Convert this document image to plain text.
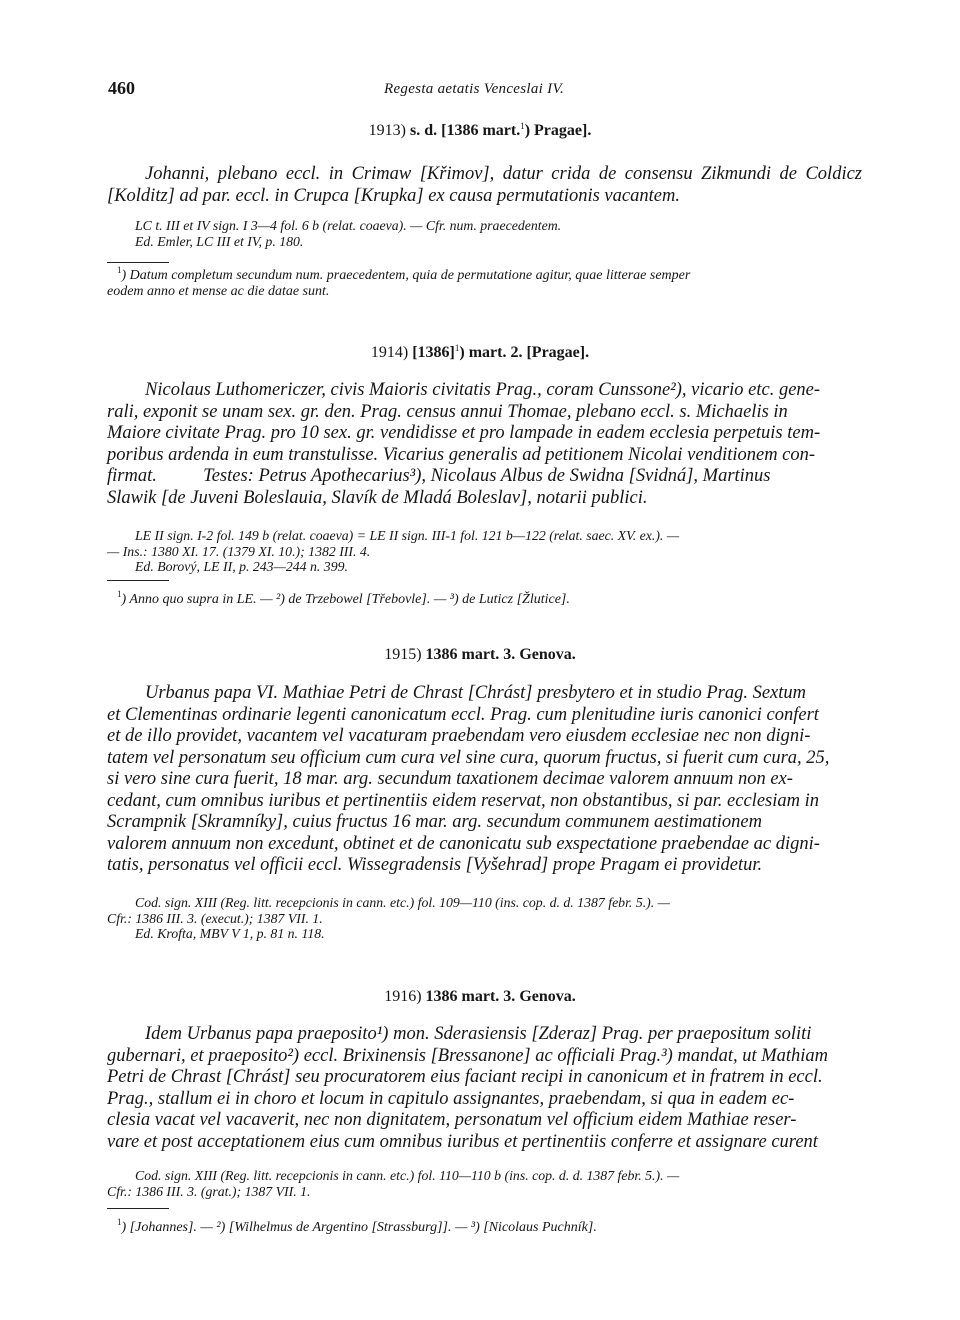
460	Regesta aetatis Venceslai IV.
1913) s. d. [1386 mart.$^1$) Pragae].
Johanni, plebano eccl. in Crimaw [Křimov], datur crida de consensu Zikmundi de Coldicz
[Kolditz] ad par. eccl. in Crupca [Krupka] ex causa permutationis vacantem.
LC t. III et IV sign. I 3—4 fol. 6 b (relat. coaeva). — Cfr. num. praecedentem.
Ed. Emler, LC III et IV, p. 180.
$^1$) Datum completum secundum num. praecedentem, quia de permutatione agitur, quae litterae semper
eodem anno et mense ac die datae sunt.
1914) $[1386]^1$) mart. 2. [Pragae].
Nicolaus Luthomericzer, civis Maioris civitatis Prag., coram Cunssone²), vicario etc. gene-
rali, exponit se unam sex. gr. den. Prag. census annui Thomae, plebano eccl. s. Michaelis in
Maiore civitate Prag. pro 10 sex. gr. vendidisse et pro lampade in eadem ecclesia perpetuis tem-
poribus ardenda in eum transtulisse. Vicarius generalis ad petitionem Nicolai venditionem con-
firmat.          Testes: Petrus Apothecarius³), Nicolaus Albus de Swidna [Svidná], Martinus
Slawik [de Juveni Boleslauia, Slavík de Mladá Boleslav], notarii publici.
LE II sign. I-2 fol. 149 b (relat. coaeva) = LE II sign. III-1 fol. 121 b—122 (relat. saec. XV. ex.). —
— Ins.: 1380 XI. 17. (1379 XI. 10.); 1382 III. 4.
Ed. Borový, LE II, p. 243—244 n. 399.
$^1$) Anno quo supra in LE. — ²) de Trzebowel [Třebovle]. — ³) de Luticz [Žlutice].
1915) 1386 mart. 3. Genova.
Urbanus papa VI. Mathiae Petri de Chrast [Chrást] presbytero et in studio Prag. Sextum
et Clementinas ordinarie legenti canonicatum eccl. Prag. cum plenitudine iuris canonici confert
et de illo providet, vacantem vel vacaturam praebendam vero eiusdem ecclesiae nec non digni-
tatem vel personatum seu officium cum cura vel sine cura, quorum fructus, si fuerit cum cura, 25,
si vero sine cura fuerit, 18 mar. arg. secundum taxationem decimae valorem annuum non ex-
cedant, cum omnibus iuribus et pertinentiis eidem reservat, non obstantibus, si par. ecclesiam in
Scrampnik [Skramníky], cuius fructus 16 mar. arg. secundum communem aestimationem
valorem annuum non excedunt, obtinet et de canonicatu sub exspectatione praebendae ac digni-
tatis, personatus vel officii eccl. Wissegradensis [Vyšehrad] prope Pragam ei providetur.
Cod. sign. XIII (Reg. litt. recepcionis in cann. etc.) fol. 109—110 (ins. cop. d. d. 1387 febr. 5.). —
Cfr.: 1386 III. 3. (execut.); 1387 VII. 1.
Ed. Krofta, MBV V 1, p. 81 n. 118.
1916) 1386 mart. 3. Genova.
Idem Urbanus papa praeposito¹) mon. Sderasiensis [Zderaz] Prag. per praepositum soliti
gubernari, et praeposito²) eccl. Brixinensis [Bressanone] ac officiali Prag.³) mandat, ut Mathiam
Petri de Chrast [Chrást] seu procuratorem eius faciant recipi in canonicum et in fratrem in eccl.
Prag., stallum ei in choro et locum in capitulo assignantes, praebendam, si qua in eadem ec-
clesia vacat vel vacaverit, nec non dignitatem, personatum vel officium eidem Mathiae reser-
vare et post acceptationem eius cum omnibus iuribus et pertinentiis conferre et assignare curent
Cod. sign. XIII (Reg. litt. recepcionis in cann. etc.) fol. 110—110 b (ins. cop. d. d. 1387 febr. 5.). —
Cfr.: 1386 III. 3. (grat.); 1387 VII. 1.
$^1$) [Johannes]. — ²) [Wilhelmus de Argentino [Strassburg]]. — ³) [Nicolaus Puchník].
